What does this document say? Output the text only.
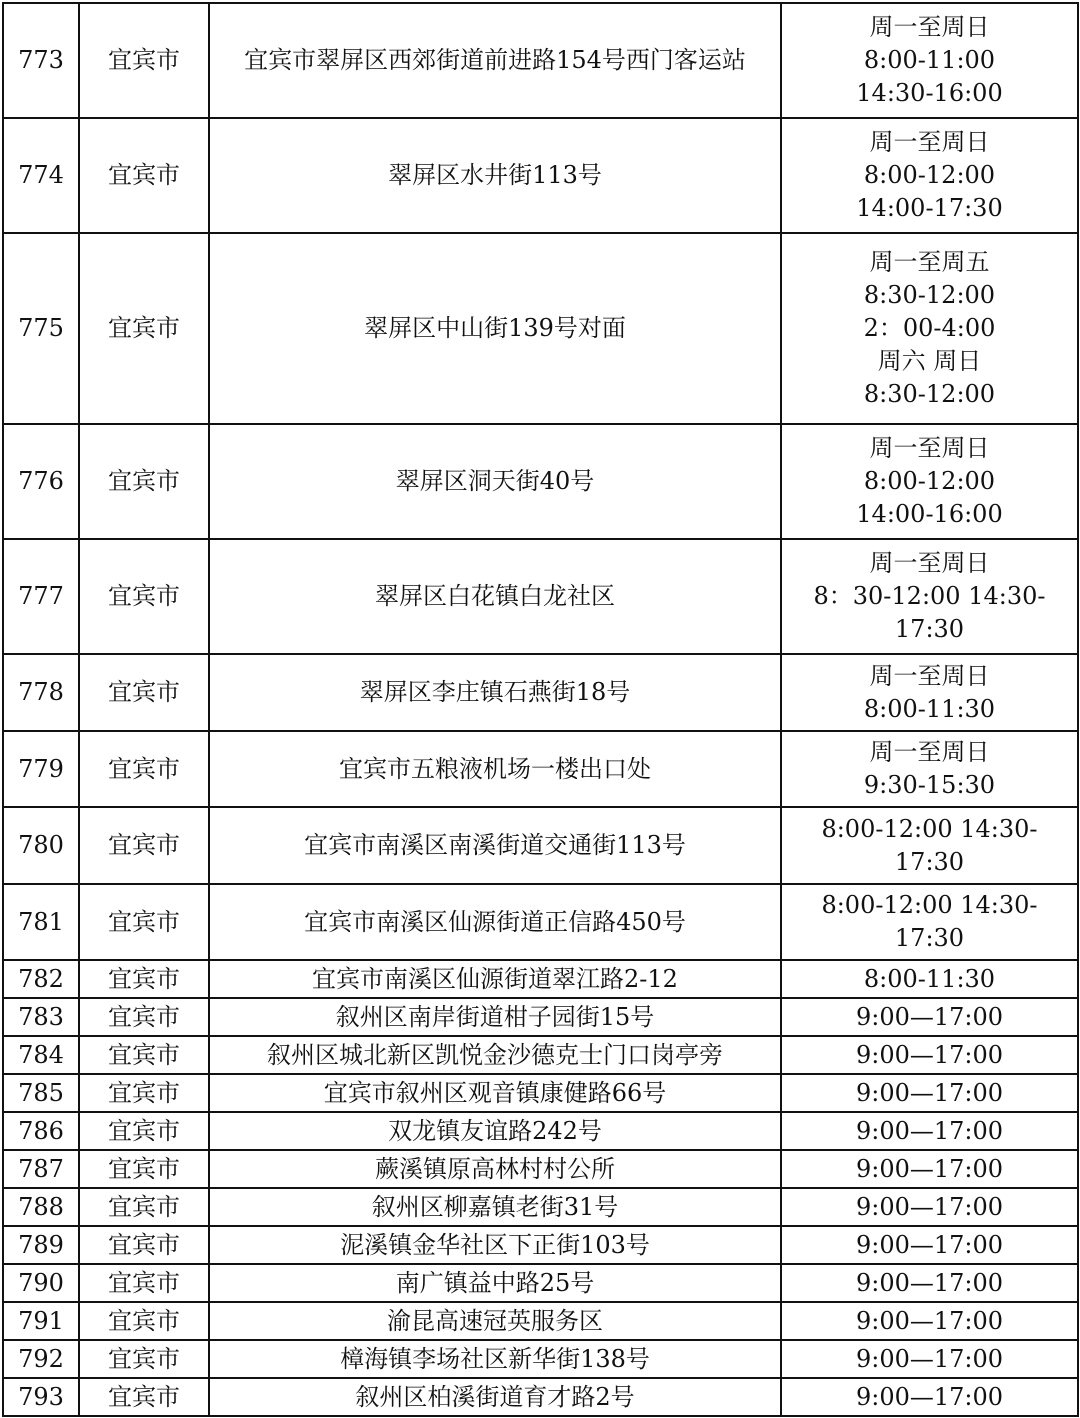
773	宜宾市	宜宾市翠屏区西郊街道前进路154号西门客运站	周一至周日
8:00-11:00
14:30-16:00
774	宜宾市	翠屏区水井街113号	周一至周日
8:00-12:00
14:00-17:30
775	宜宾市	翠屏区中山街139号对面	周一至周五
8:30-12:00
2：00-4:00
周六 周日
8:30-12:00
776	宜宾市	翠屏区洞天街40号	周一至周日
8:00-12:00
14:00-16:00
777	宜宾市	翠屏区白花镇白龙社区	周一至周日
8：30-12:00 14:30-
17:30
778	宜宾市	翠屏区李庄镇石燕街18号	周一至周日
8:00-11:30
779	宜宾市	宜宾市五粮液机场一楼出口处	周一至周日
9:30-15:30
780	宜宾市	宜宾市南溪区南溪街道交通街113号	8:00-12:00 14:30-
17:30
781	宜宾市	宜宾市南溪区仙源街道正信路450号	8:00-12:00 14:30-
17:30
782	宜宾市	宜宾市南溪区仙源街道翠江路2-12	8:00-11:30
783	宜宾市	叙州区南岸街道柑子园街15号	9:00—17:00
784	宜宾市	叙州区城北新区凯悦金沙德克士门口岗亭旁	9:00—17:00
785	宜宾市	宜宾市叙州区观音镇康健路66号	9:00—17:00
786	宜宾市	双龙镇友谊路242号	9:00—17:00
787	宜宾市	蕨溪镇原高林村村公所	9:00—17:00
788	宜宾市	叙州区柳嘉镇老街31号	9:00—17:00
789	宜宾市	泥溪镇金华社区下正街103号	9:00—17:00
790	宜宾市	南广镇益中路25号	9:00—17:00
791	宜宾市	渝昆高速冠英服务区	9:00—17:00
792	宜宾市	樟海镇李场社区新华街138号	9:00—17:00
793	宜宾市	叙州区柏溪街道育才路2号	9:00—17:00
